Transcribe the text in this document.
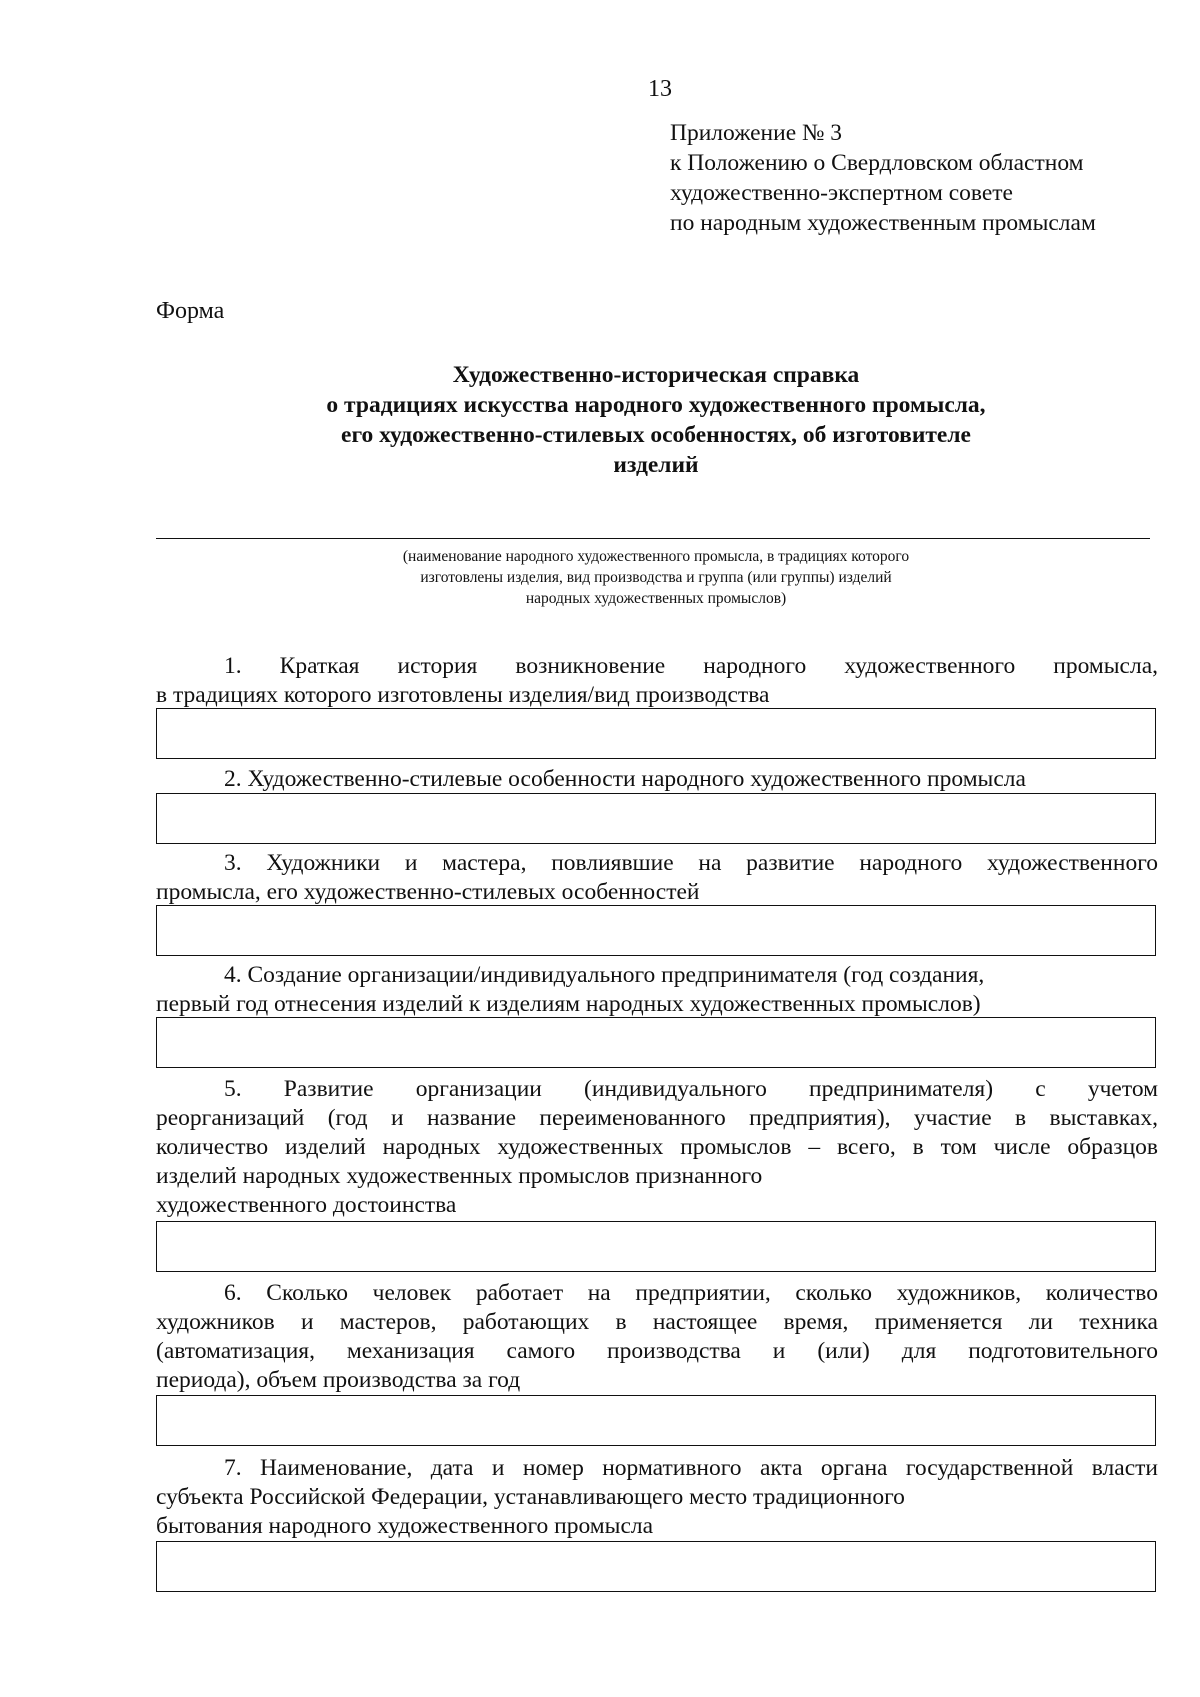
13
Приложение № 3
к Положению о Свердловском областном
художественно-экспертном совете
по народным художественным промыслам
Форма
Художественно-историческая справка
о традициях искусства народного художественного промысла,
его художественно-стилевых особенностях, об изготовителе
изделий
(наименование народного художественного промысла, в традициях которого
изготовлены изделия, вид производства и группа (или группы) изделий
народных художественных промыслов)
1. Краткая история возникновение народного художественного промысла,
в традициях которого изготовлены изделия/вид производства
2. Художественно-стилевые особенности народного художественного промысла
3. Художники и мастера, повлиявшие на развитие народного художественного
промысла, его художественно-стилевых особенностей
4. Создание организации/индивидуального предпринимателя (год создания,
первый год отнесения изделий к изделиям народных художественных промыслов)
5. Развитие организации (индивидуального предпринимателя) с учетом
реорганизаций (год и название переименованного предприятия), участие в выставках,
количество изделий народных художественных промыслов – всего, в том числе образцов
изделий народных художественных промыслов признанного
художественного достоинства
6. Сколько человек работает на предприятии, сколько художников, количество
художников и мастеров, работающих в настоящее время, применяется ли техника
(автоматизация, механизация самого производства и (или) для подготовительного
периода), объем производства за год
7. Наименование, дата и номер нормативного акта органа государственной власти
субъекта Российской Федерации, устанавливающего место традиционного
бытования народного художественного промысла
